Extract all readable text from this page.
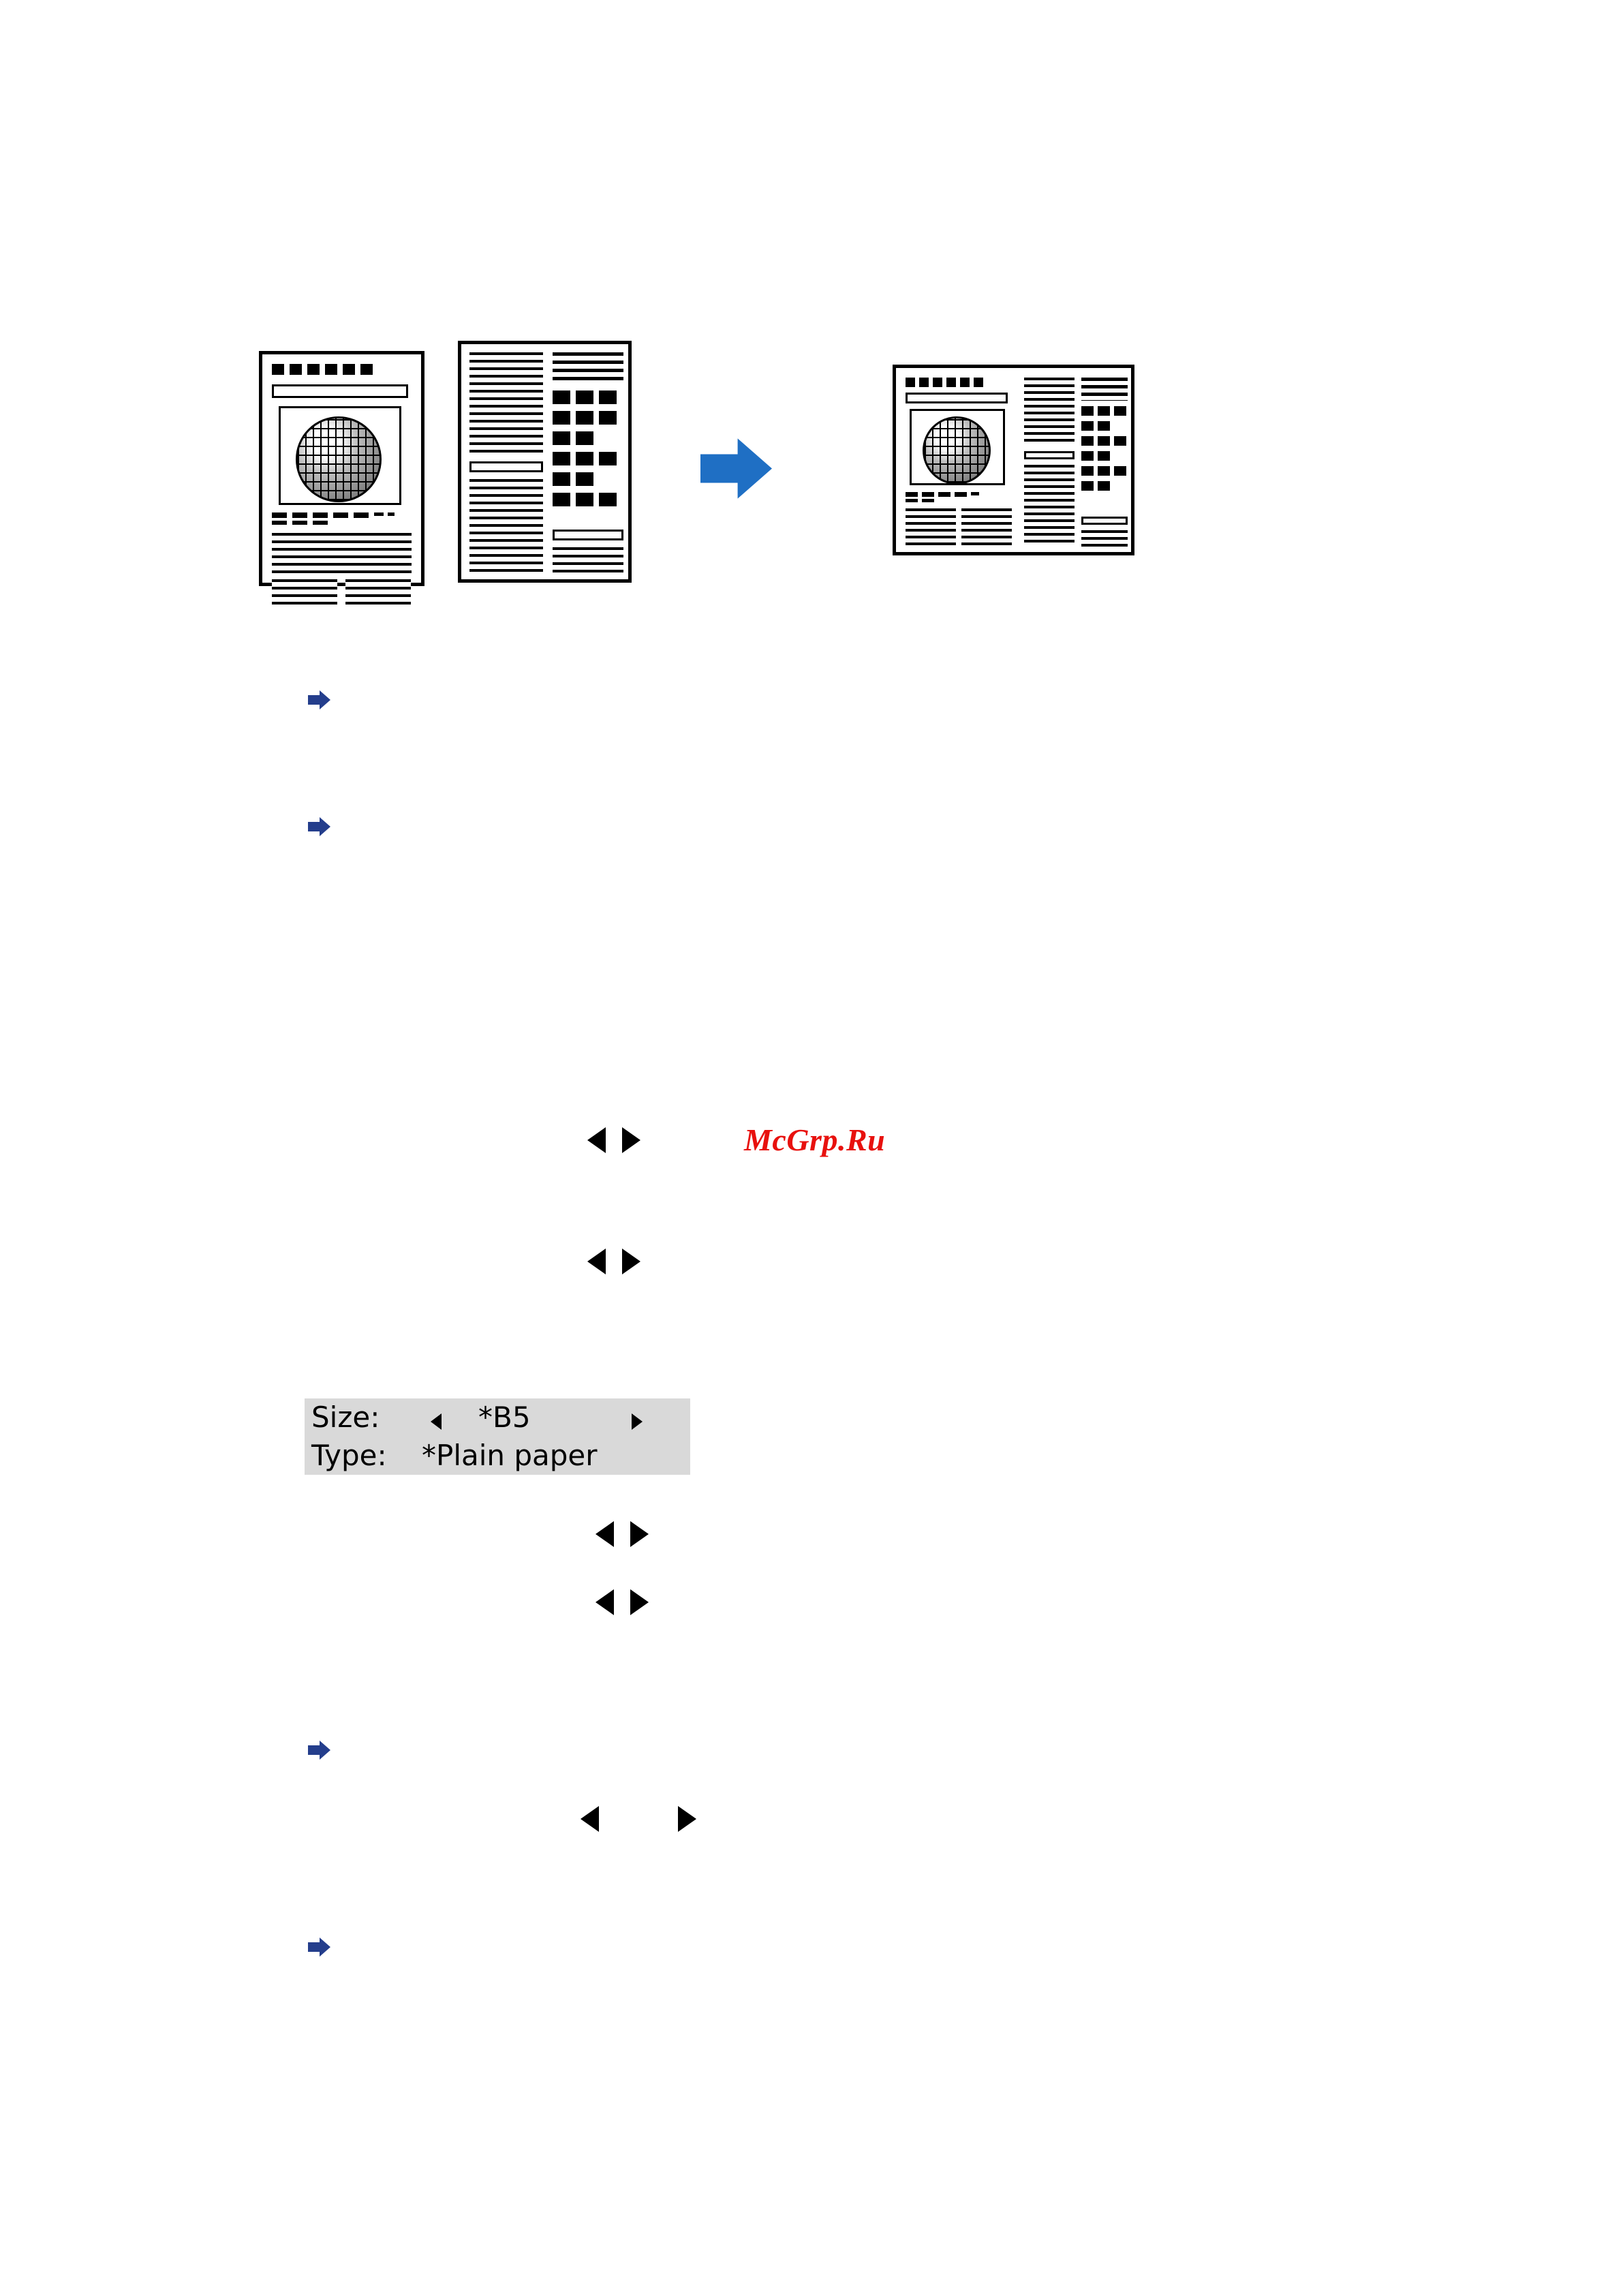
Size:	*B5
Type: *Plain paper
McGrp.Ru
